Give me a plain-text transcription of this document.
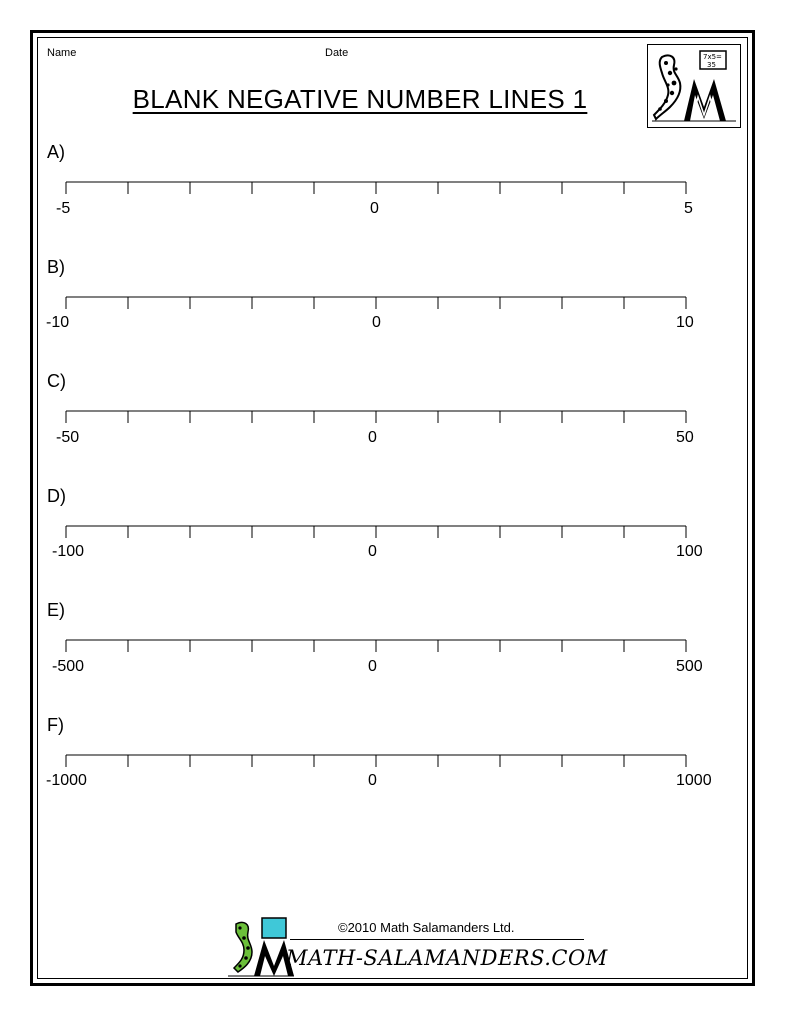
Name	Date
BLANK NEGATIVE NUMBER LINES 1
7x5=
35
A)
B)
C)
D)
E)
F)
-5	0	5
-10	0	10
-50	0	50
-100	0	100
-500	0	500
-1000	0	1000
©2010 Math Salamanders Ltd.
MATH-SALAMANDERS.COM
